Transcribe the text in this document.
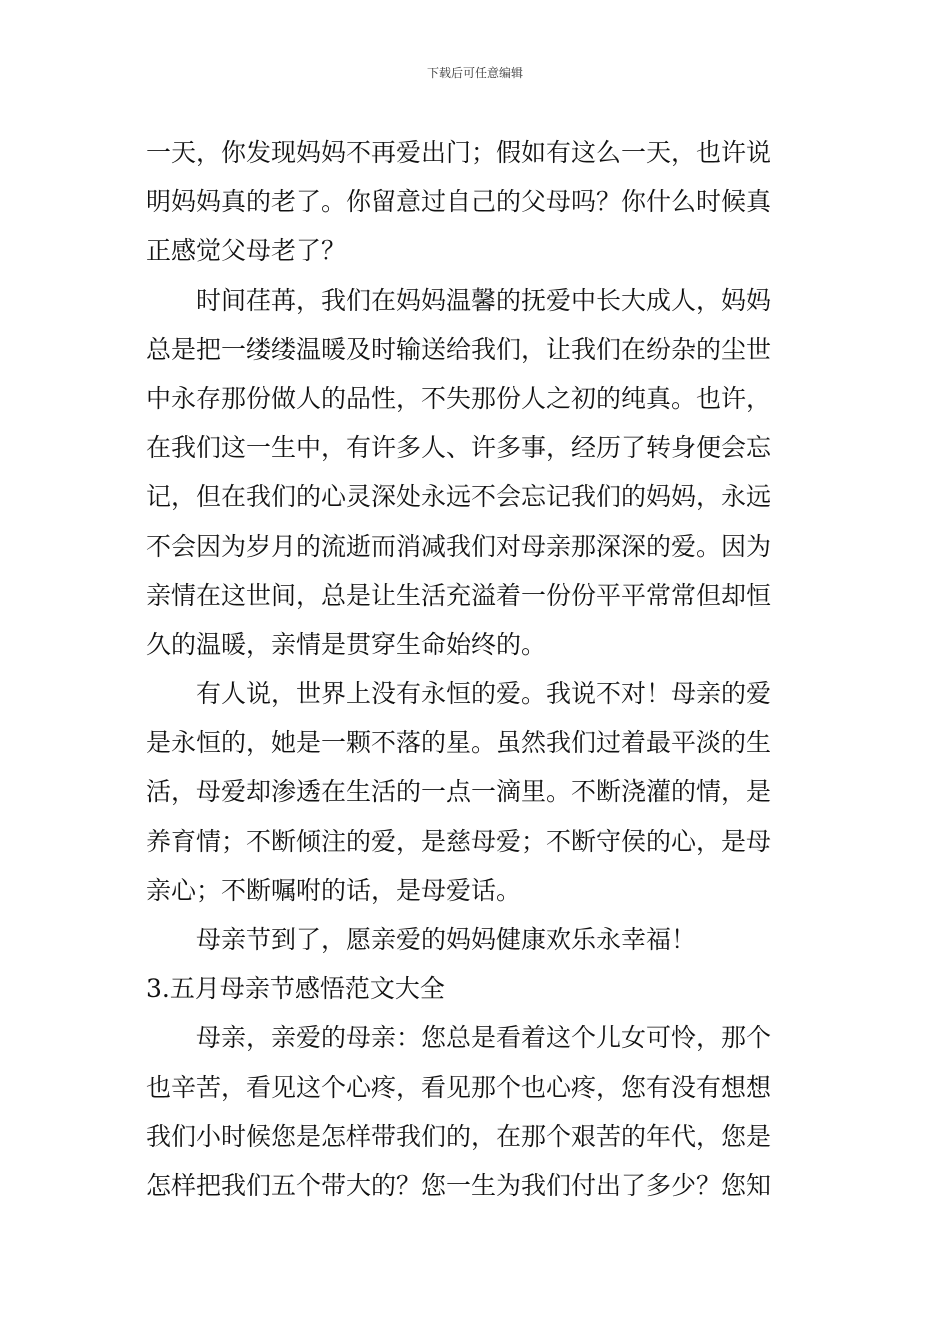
下载后可任意编辑
一天，你发现妈妈不再爱出门；假如有这么一天，也许说
明妈妈真的老了。你留意过自己的父母吗？你什么时候真
正感觉父母老了？
时间荏苒，我们在妈妈温馨的抚爱中长大成人，妈妈
总是把一缕缕温暖及时输送给我们，让我们在纷杂的尘世
中永存那份做人的品性，不失那份人之初的纯真。也许，
在我们这一生中，有许多人、许多事，经历了转身便会忘
记，但在我们的心灵深处永远不会忘记我们的妈妈，永远
不会因为岁月的流逝而消减我们对母亲那深深的爱。因为
亲情在这世间，总是让生活充溢着一份份平平常常但却恒
久的温暖，亲情是贯穿生命始终的。
有人说，世界上没有永恒的爱。我说不对！母亲的爱
是永恒的，她是一颗不落的星。虽然我们过着最平淡的生
活，母爱却渗透在生活的一点一滴里。不断浇灌的情，是
养育情；不断倾注的爱，是慈母爱；不断守侯的心，是母
亲心；不断嘱咐的话，是母爱话。
母亲节到了，愿亲爱的妈妈健康欢乐永幸福！
3.五月母亲节感悟范文大全
母亲，亲爱的母亲：您总是看着这个儿女可怜，那个
也辛苦，看见这个心疼，看见那个也心疼，您有没有想想
我们小时候您是怎样带我们的，在那个艰苦的年代，您是
怎样把我们五个带大的？您一生为我们付出了多少？您知
